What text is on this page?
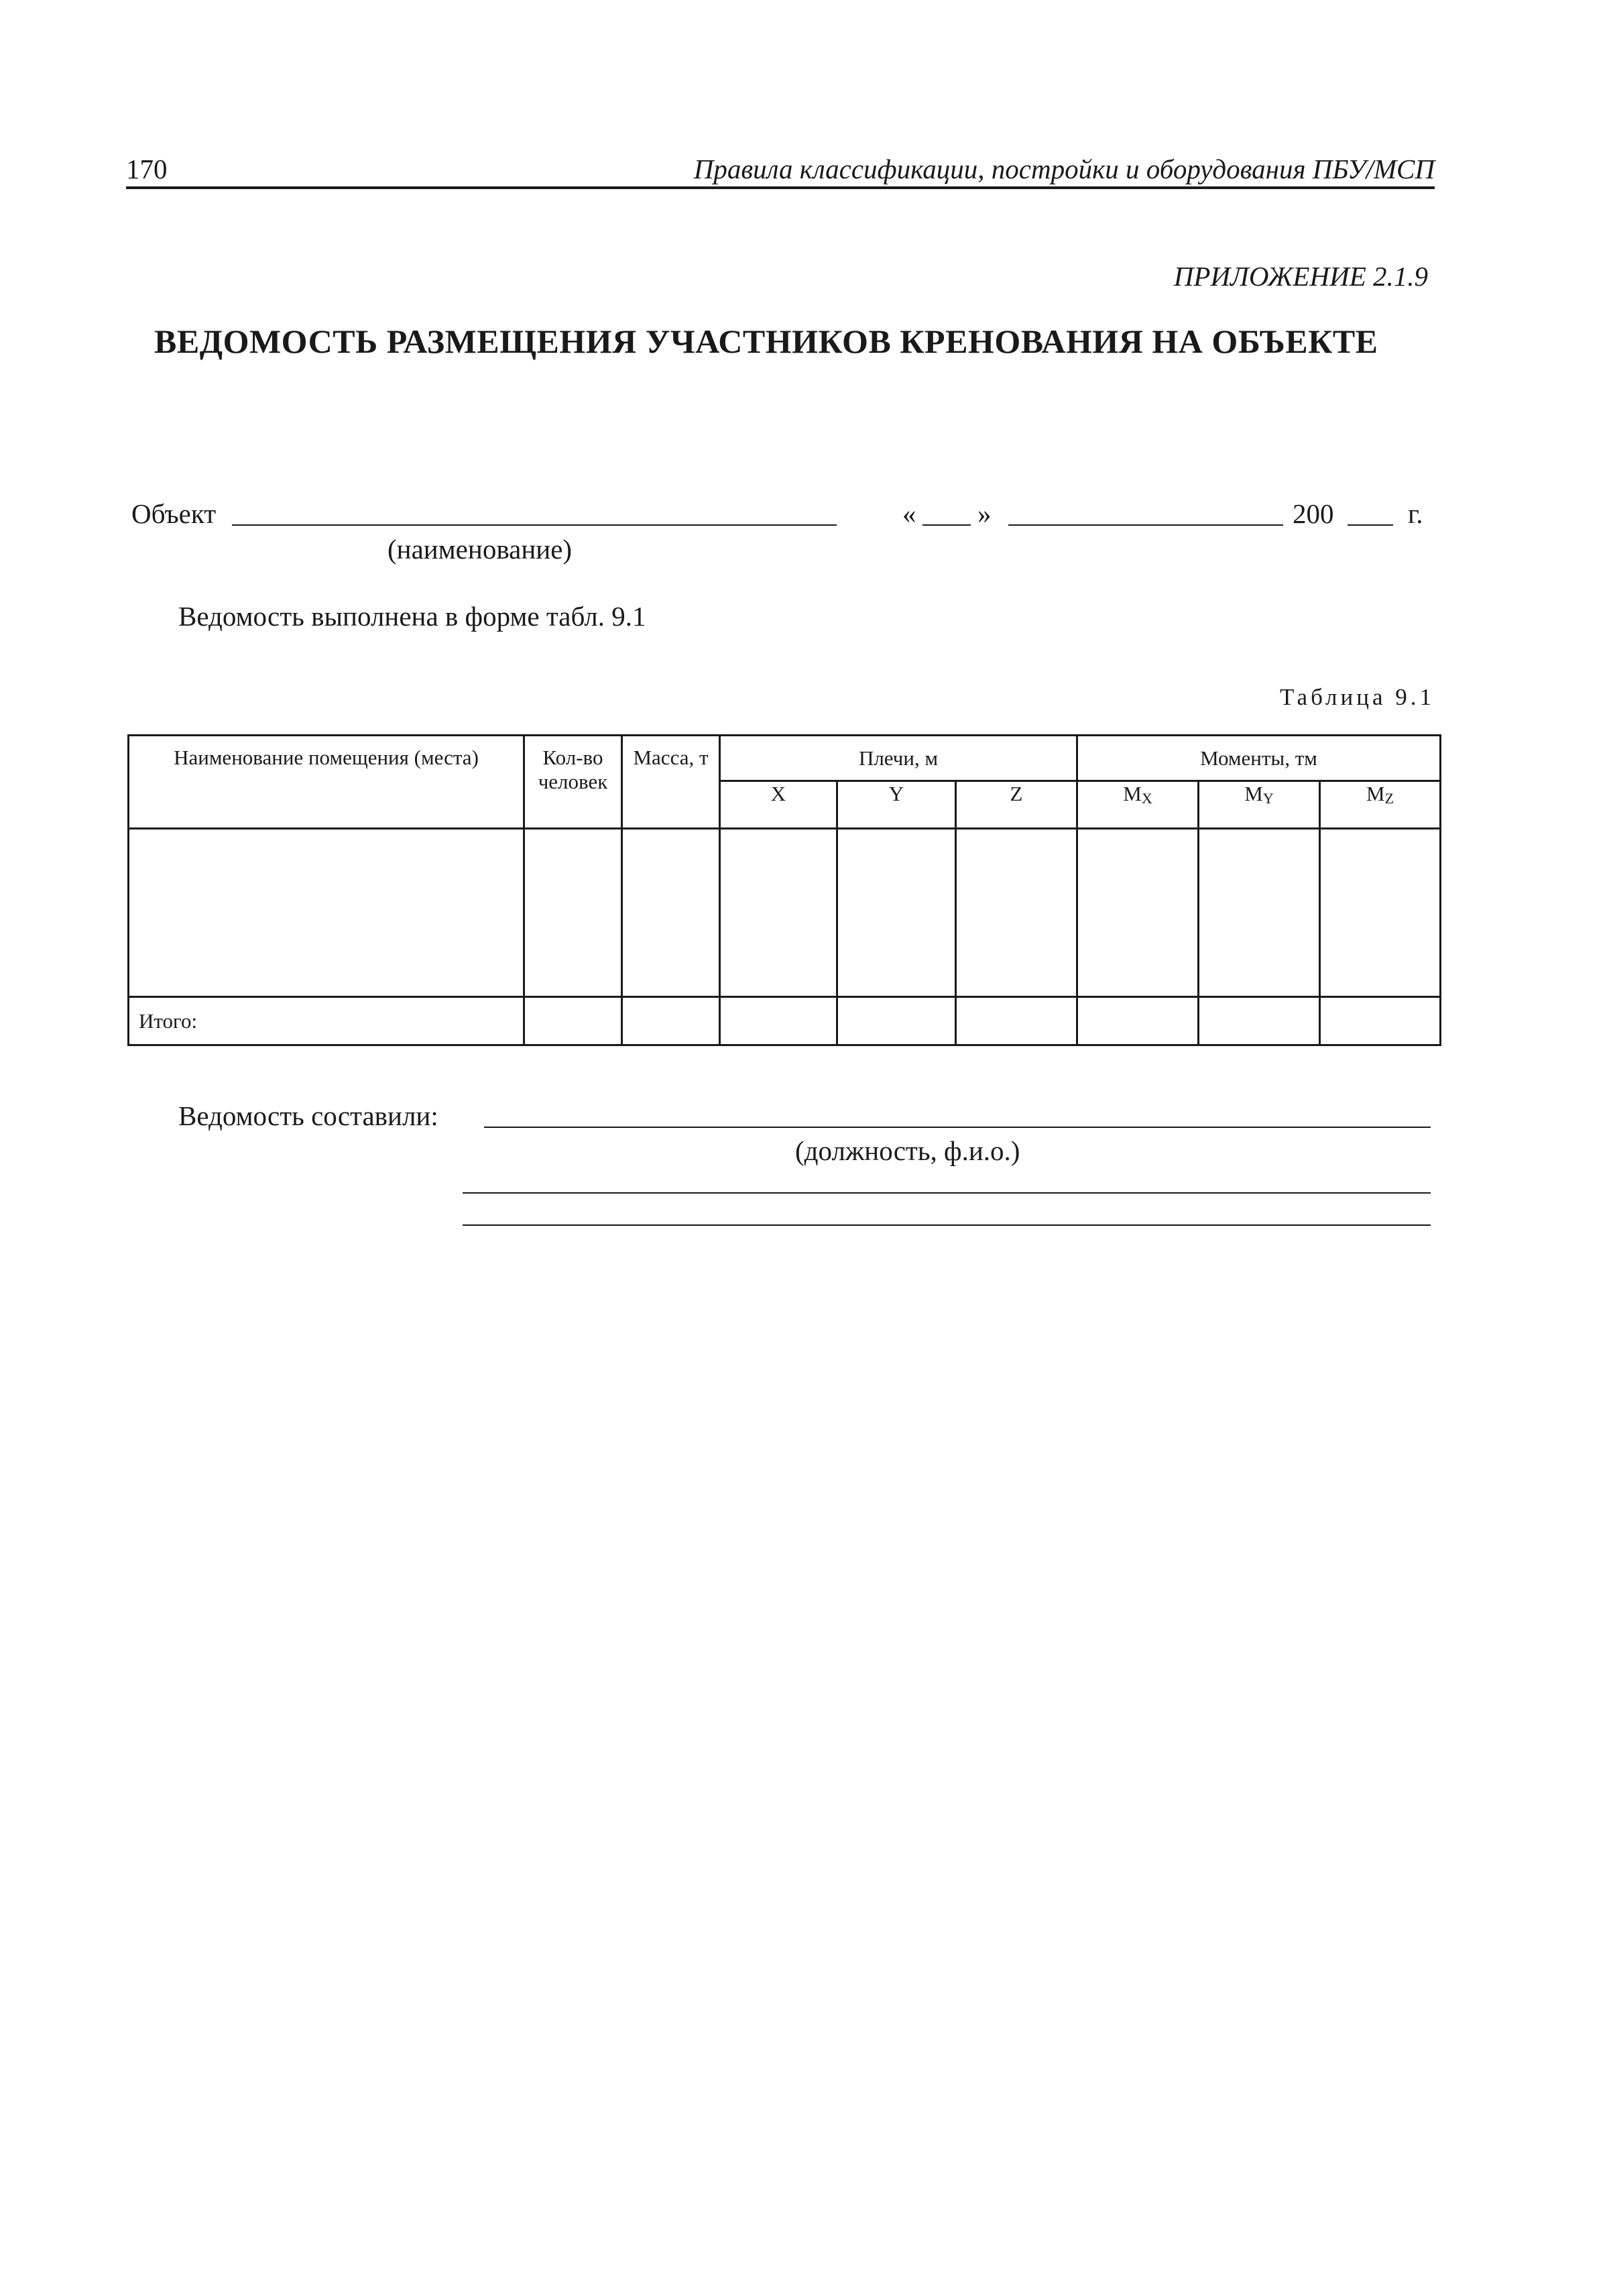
170	Правила классификации, постройки и оборудования ПБУ/МСП
ПРИЛОЖЕНИЕ 2.1.9
ВЕДОМОСТЬ РАЗМЕЩЕНИЯ УЧАСТНИКОВ КРЕНОВАНИЯ НА ОБЪЕКТЕ
Объект
(наименование)
« »	200	г.
Ведомость выполнена в форме табл. 9.1
Таблица 9.1
Наименование помещения (места)	Кол-во человек	Масса, т	Плечи, м			Моменты, тм		
			X	Y	Z	$M_X$	$M_Y$	$M_Z$

Итого:								
Ведомость составили:
(должность, ф.и.о.)
